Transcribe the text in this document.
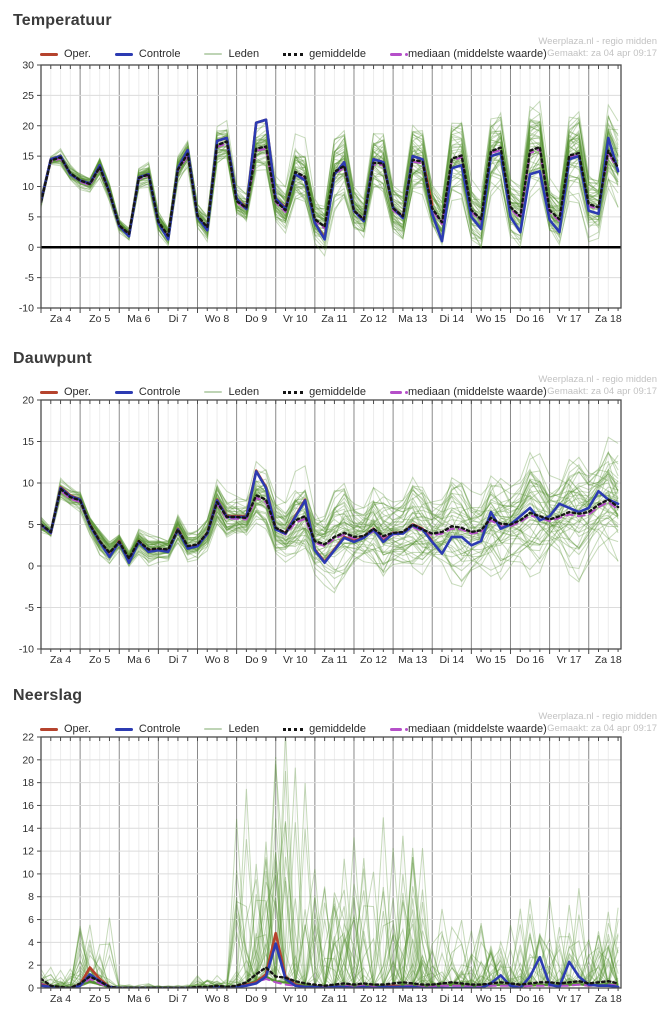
Temperatuur
Weerplaza.nl - regio midden
Gemaakt: za 04 apr 09:17
Oper.	Controle	Leden	gemiddelde	mediaan (middelste waarde)
-10
-5
0
5
10
15
20
25
30
Za 4 Zo 5 Ma 6 Di 7 Wo 8 Do 9 Vr 10 Za 11 Zo 12 Ma 13 Di 14 Wo 15 Do 16 Vr 17 Za 18
Dauwpunt
Weerplaza.nl - regio midden
Gemaakt: za 04 apr 09:17
Oper.	Controle	Leden	gemiddelde	mediaan (middelste waarde)
-10
-5
0
5
10
15
20
Za 4 Zo 5 Ma 6 Di 7 Wo 8 Do 9 Vr 10 Za 11 Zo 12 Ma 13 Di 14 Wo 15 Do 16 Vr 17 Za 18
Neerslag
Weerplaza.nl - regio midden
Gemaakt: za 04 apr 09:17
Oper.	Controle	Leden	gemiddelde	mediaan (middelste waarde)
0
2
4
6
8
10
12
14
16
18
20
22
Za 4 Zo 5 Ma 6 Di 7 Wo 8 Do 9 Vr 10 Za 11 Zo 12 Ma 13 Di 14 Wo 15 Do 16 Vr 17 Za 18
